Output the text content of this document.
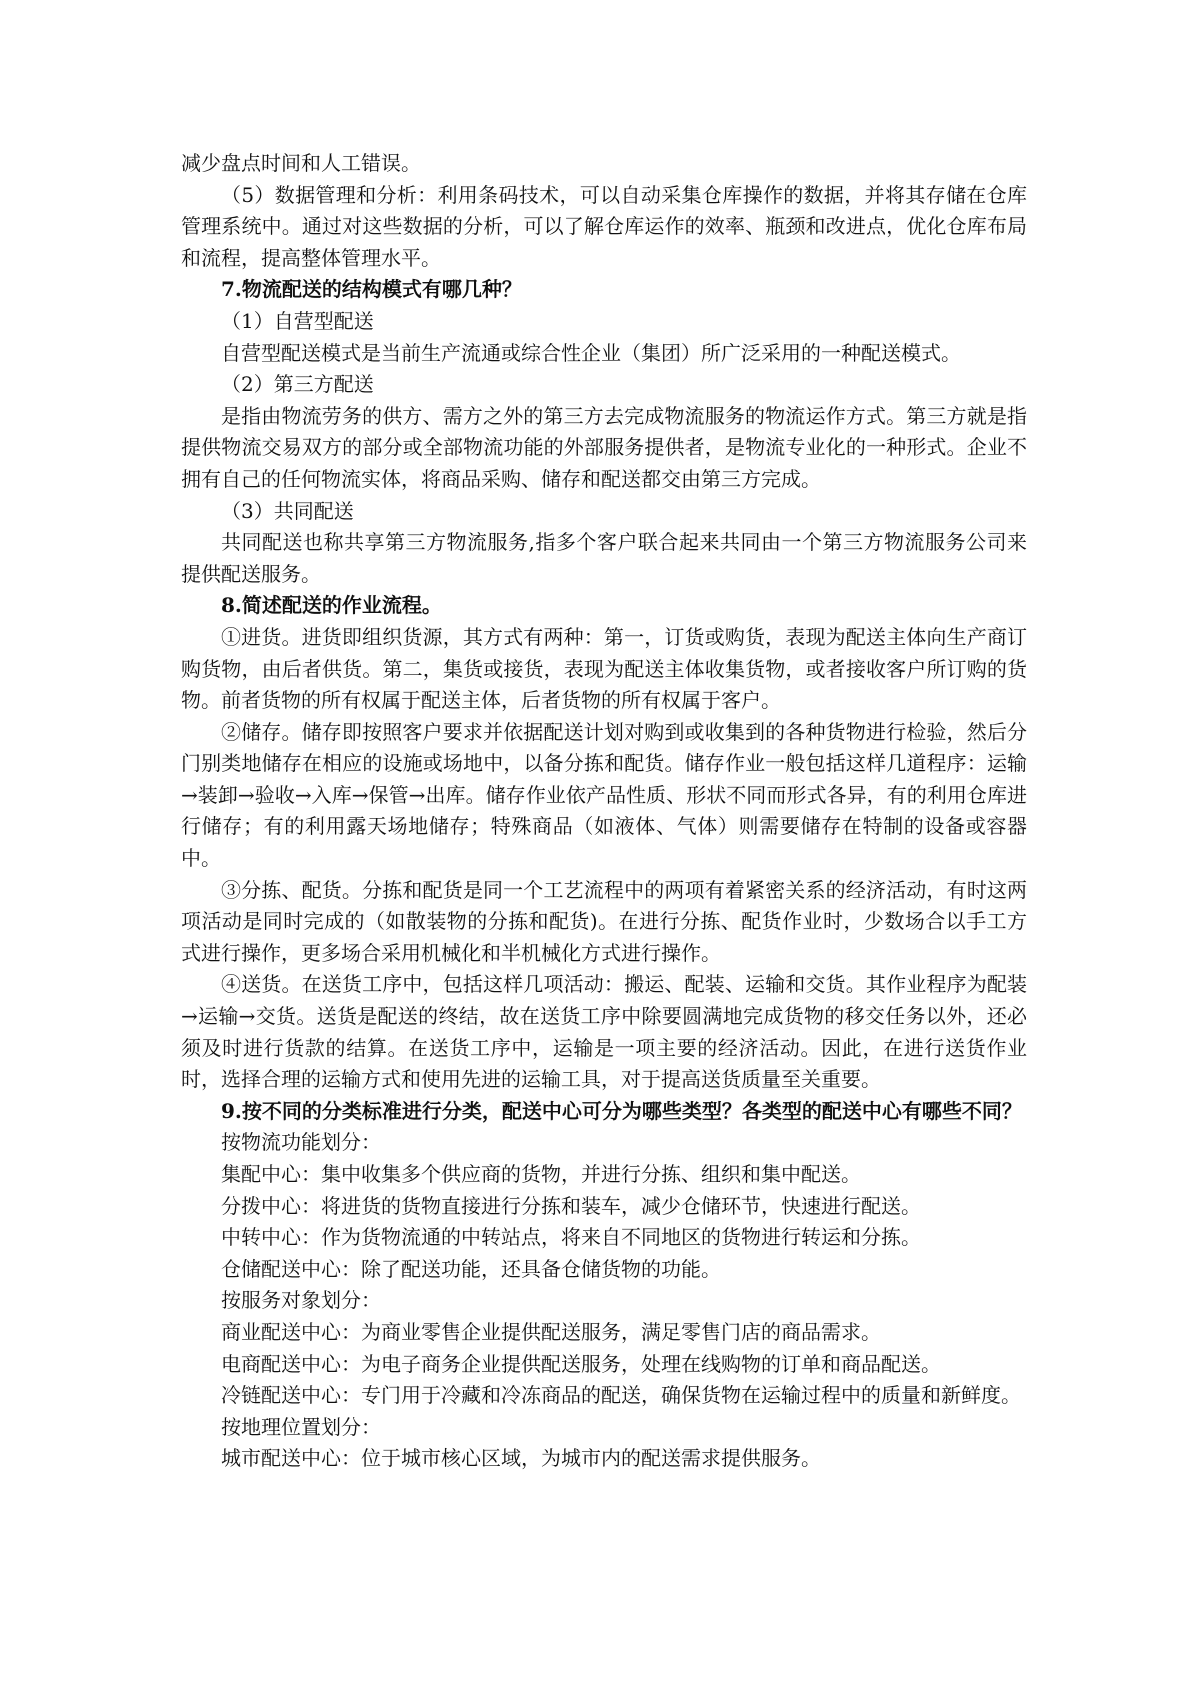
减少盘点时间和人工错误。

（5）数据管理和分析：利用条码技术，可以自动采集仓库操作的数据，并将其存储在仓库管理系统中。通过对这些数据的分析，可以了解仓库运作的效率、瓶颈和改进点，优化仓库布局和流程，提高整体管理水平。

7.物流配送的结构模式有哪几种？

（1）自营型配送

自营型配送模式是当前生产流通或综合性企业（集团）所广泛采用的一种配送模式。

（2）第三方配送

是指由物流劳务的供方、需方之外的第三方去完成物流服务的物流运作方式。第三方就是指提供物流交易双方的部分或全部物流功能的外部服务提供者，是物流专业化的一种形式。企业不拥有自己的任何物流实体，将商品采购、储存和配送都交由第三方完成。

（3）共同配送

共同配送也称共享第三方物流服务,指多个客户联合起来共同由一个第三方物流服务公司来提供配送服务。

8.简述配送的作业流程。

①进货。进货即组织货源，其方式有两种：第一，订货或购货，表现为配送主体向生产商订购货物，由后者供货。第二，集货或接货，表现为配送主体收集货物，或者接收客户所订购的货物。前者货物的所有权属于配送主体，后者货物的所有权属于客户。

②储存。储存即按照客户要求并依据配送计划对购到或收集到的各种货物进行检验，然后分门别类地储存在相应的设施或场地中，以备分拣和配货。储存作业一般包括这样几道程序：运输→装卸→验收→入库→保管→出库。储存作业依产品性质、形状不同而形式各异，有的利用仓库进行储存；有的利用露天场地储存；特殊商品（如液体、气体）则需要储存在特制的设备或容器中。

③分拣、配货。分拣和配货是同一个工艺流程中的两项有着紧密关系的经济活动，有时这两项活动是同时完成的（如散装物的分拣和配货)。在进行分拣、配货作业时，少数场合以手工方式进行操作，更多场合采用机械化和半机械化方式进行操作。

④送货。在送货工序中，包括这样几项活动：搬运、配装、运输和交货。其作业程序为配装→运输→交货。送货是配送的终结，故在送货工序中除要圆满地完成货物的移交任务以外，还必须及时进行货款的结算。在送货工序中，运输是一项主要的经济活动。因此，在进行送货作业时，选择合理的运输方式和使用先进的运输工具，对于提高送货质量至关重要。

9.按不同的分类标准进行分类，配送中心可分为哪些类型？各类型的配送中心有哪些不同？

按物流功能划分：

集配中心：集中收集多个供应商的货物，并进行分拣、组织和集中配送。

分拨中心：将进货的货物直接进行分拣和装车，减少仓储环节，快速进行配送。

中转中心：作为货物流通的中转站点，将来自不同地区的货物进行转运和分拣。

仓储配送中心：除了配送功能，还具备仓储货物的功能。

按服务对象划分：

商业配送中心：为商业零售企业提供配送服务，满足零售门店的商品需求。

电商配送中心：为电子商务企业提供配送服务，处理在线购物的订单和商品配送。

冷链配送中心：专门用于冷藏和冷冻商品的配送，确保货物在运输过程中的质量和新鲜度。

按地理位置划分：

城市配送中心：位于城市核心区域，为城市内的配送需求提供服务。
